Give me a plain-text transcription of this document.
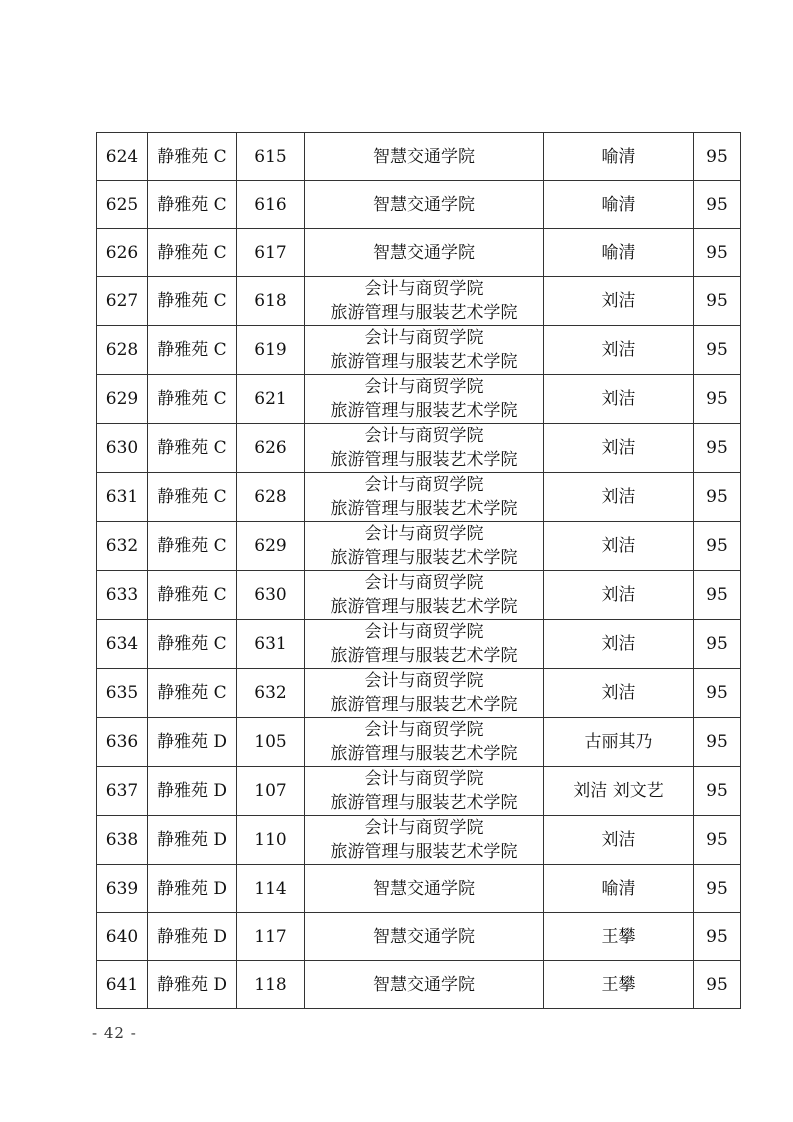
624	静雅苑 C	615	智慧交通学院	喻清	95
625	静雅苑 C	616	智慧交通学院	喻清	95
626	静雅苑 C	617	智慧交通学院	喻清	95
627	静雅苑 C	618	会计与商贸学院
旅游管理与服装艺术学院	刘洁	95
628	静雅苑 C	619	会计与商贸学院
旅游管理与服装艺术学院	刘洁	95
629	静雅苑 C	621	会计与商贸学院
旅游管理与服装艺术学院	刘洁	95
630	静雅苑 C	626	会计与商贸学院
旅游管理与服装艺术学院	刘洁	95
631	静雅苑 C	628	会计与商贸学院
旅游管理与服装艺术学院	刘洁	95
632	静雅苑 C	629	会计与商贸学院
旅游管理与服装艺术学院	刘洁	95
633	静雅苑 C	630	会计与商贸学院
旅游管理与服装艺术学院	刘洁	95
634	静雅苑 C	631	会计与商贸学院
旅游管理与服装艺术学院	刘洁	95
635	静雅苑 C	632	会计与商贸学院
旅游管理与服装艺术学院	刘洁	95
636	静雅苑 D	105	会计与商贸学院
旅游管理与服装艺术学院	古丽其乃	95
637	静雅苑 D	107	会计与商贸学院
旅游管理与服装艺术学院	刘洁 刘文艺	95
638	静雅苑 D	110	会计与商贸学院
旅游管理与服装艺术学院	刘洁	95
639	静雅苑 D	114	智慧交通学院	喻清	95
640	静雅苑 D	117	智慧交通学院	王攀	95
641	静雅苑 D	118	智慧交通学院	王攀	95
- 42 -
